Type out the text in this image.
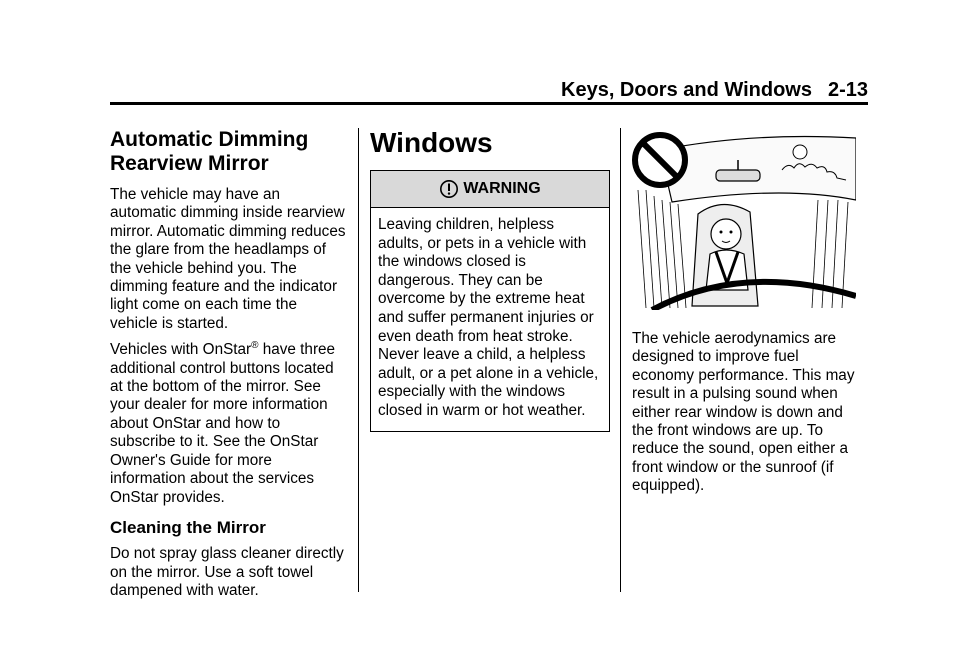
Keys, Doors and Windows 2-13
Automatic Dimming Rearview Mirror

The vehicle may have an automatic dimming inside rearview mirror. Automatic dimming reduces the glare from the headlamps of the vehicle behind you. The dimming feature and the indicator light come on each time the vehicle is started.

Vehicles with OnStar® have three additional control buttons located at the bottom of the mirror. See your dealer for more information about OnStar and how to subscribe to it. See the OnStar Owner's Guide for more information about the services OnStar provides.

Cleaning the Mirror

Do not spray glass cleaner directly on the mirror. Use a soft towel dampened with water.

Windows
WARNING
Leaving children, helpless adults, or pets in a vehicle with the windows closed is dangerous. They can be overcome by the extreme heat and suffer permanent injuries or even death from heat stroke. Never leave a child, a helpless adult, or a pet alone in a vehicle, especially with the windows closed in warm or hot weather.

The vehicle aerodynamics are designed to improve fuel economy performance. This may result in a pulsing sound when either rear window is down and the front windows are up. To reduce the sound, open either a front window or the sunroof (if equipped).
